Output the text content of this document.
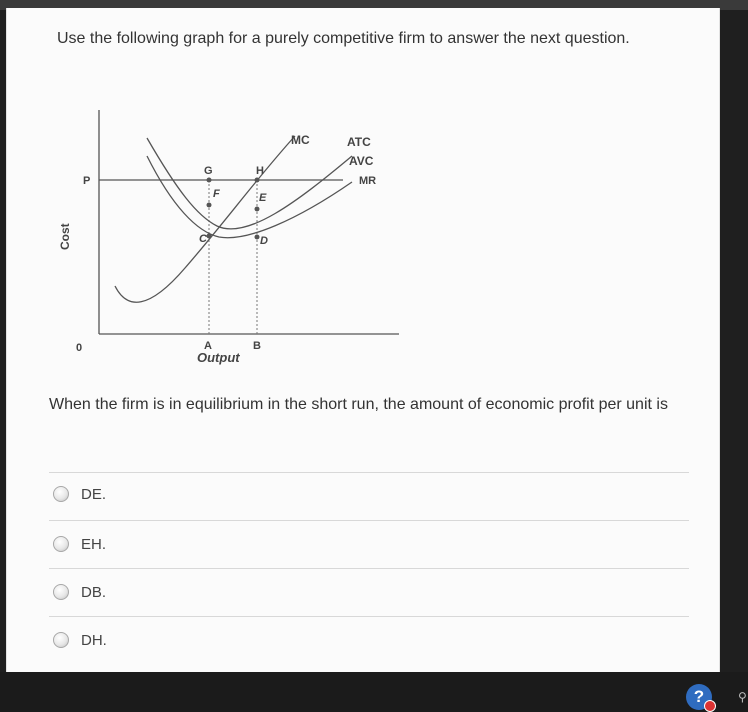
Use the following graph for a purely competitive firm to answer the next question.
Cost
P
0	A	B
Output
MC	ATC
AVC
MR
G	H
F	E
C	D
When the firm is in equilibrium in the short run, the amount of economic profit per unit is
DE.
EH.
DB.
DH.
?	⚲
